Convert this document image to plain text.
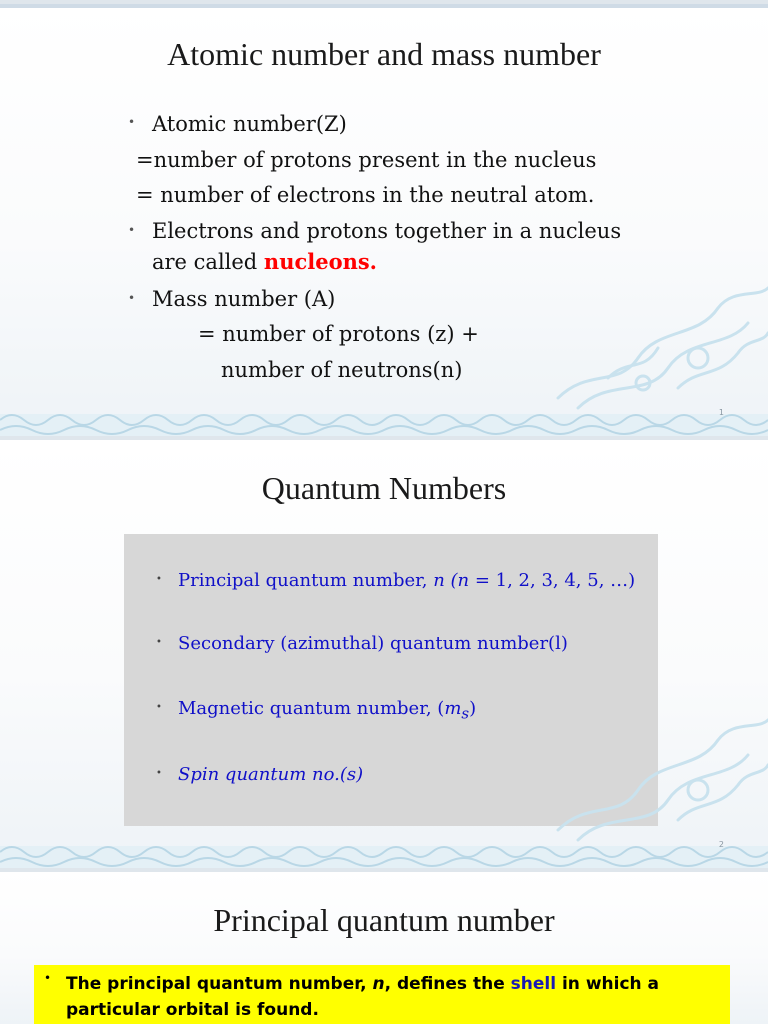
Atomic number and mass number
• Atomic number(Z)
=number of protons present in the nucleus
= number of electrons in the neutral atom.
• Electrons and protons together in a nucleus
are called nucleons.
• Mass number (A)
= number of protons (z) +
number of neutrons(n)
1
Quantum Numbers
• Principal quantum number, n (n = 1, 2, 3, 4, 5, …)
• Secondary (azimuthal) quantum number(l)
• Magnetic quantum number, $(m_s)$
• Spin quantum no.(s)
2
Principal quantum number
• The principal quantum number, n, defines the shell in which a
particular orbital is found.
